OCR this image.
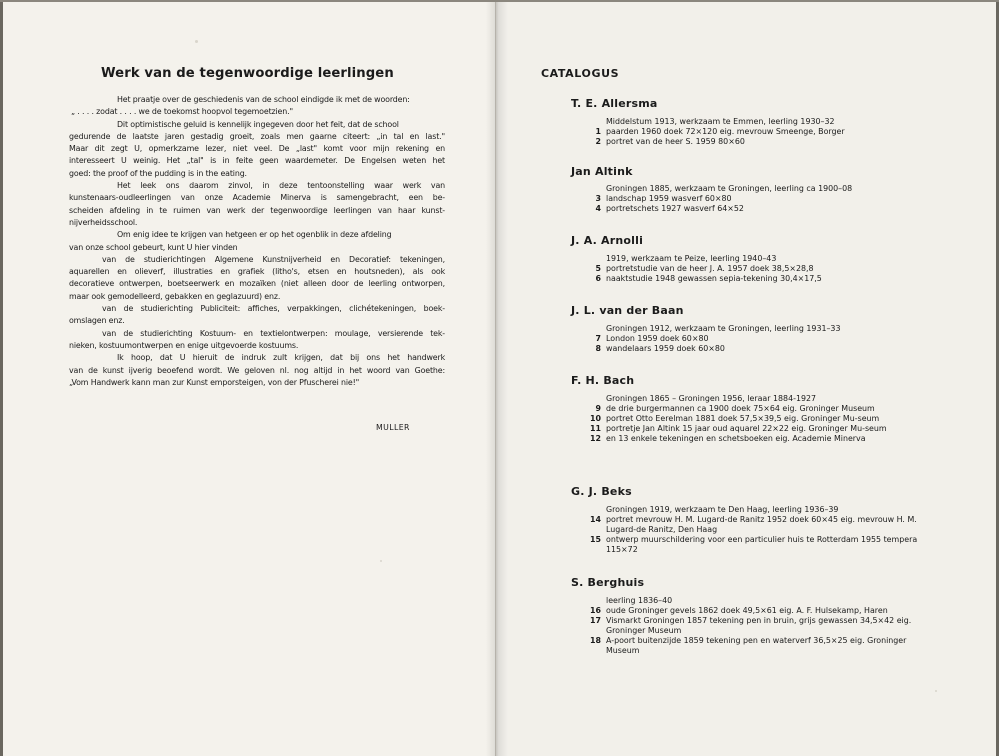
Werk van de tegenwoordige leerlingen
Het praatje over de geschiedenis van de school eindigde ik met de woorden:
„ . . . . zodat . . . . we de toekomst hoopvol tegemoetzien."
Dit optimistische geluid is kennelijk ingegeven door het feit, dat de school
gedurende de laatste jaren gestadig groeit, zoals men gaarne citeert: „in tal en last."
Maar dit zegt U, opmerkzame lezer, niet veel. De „last" komt voor mijn rekening en
interesseert U weinig. Het „tal" is in feite geen waardemeter. De Engelsen weten het
goed: the proof of the pudding is in the eating.
Het leek ons daarom zinvol, in deze tentoonstelling waar werk van
kunstenaars-oudleerlingen van onze Academie Minerva is samengebracht, een be-
scheiden afdeling in te ruimen van werk der tegenwoordige leerlingen van haar kunst-
nijverheidsschool.
Om enig idee te krijgen van hetgeen er op het ogenblik in deze afdeling
van onze school gebeurt, kunt U hier vinden
van de studierichtingen Algemene Kunstnijverheid en Decoratief: tekeningen,
aquarellen en olieverf, illustraties en grafiek (litho's, etsen en houtsneden), als ook
decoratieve ontwerpen, boetseerwerk en mozaïken (niet alleen door de leerling ontworpen,
maar ook gemodelleerd, gebakken en geglazuurd) enz.
van de studierichting Publiciteit: affiches, verpakkingen, clichétekeningen, boek-
omslagen enz.
van de studierichting Kostuum- en textielontwerpen: moulage, versierende tek-
nieken, kostuumontwerpen en enige uitgevoerde kostuums.
Ik hoop, dat U hieruit de indruk zult krijgen, dat bij ons het handwerk
van de kunst ijverig beoefend wordt. We geloven nl. nog altijd in het woord van Goethe:
„Vom Handwerk kann man zur Kunst emporsteigen, von der Pfuscherei nie!"
MULLER
CATALOGUS
T. E. Allersma
Middelstum 1913, werkzaam te Emmen, leerling 1930–32
1 paarden 1960 doek 72×120 eig. mevrouw Smeenge, Borger
2 portret van de heer S. 1959 80×60
Jan Altink
Groningen 1885, werkzaam te Groningen, leerling ca 1900–08
3 landschap 1959 wasverf 60×80
4 portretschets 1927 wasverf 64×52
J. A. Arnolli
1919, werkzaam te Peize, leerling 1940–43
5 portretstudie van de heer J. A. 1957 doek 38,5×28,8
6 naaktstudie 1948 gewassen sepia-tekening 30,4×17,5
J. L. van der Baan
Groningen 1912, werkzaam te Groningen, leerling 1931–33
7 London 1959 doek 60×80
8 wandelaars 1959 doek 60×80
F. H. Bach
Groningen 1865 – Groningen 1956, leraar 1884-1927
9 de drie burgermannen ca 1900 doek 75×64 eig. Groninger Museum
10 portret Otto Eerelman 1881 doek 57,5×39,5 eig. Groninger Mu-seum
11 portretje Jan Altink 15 jaar oud aquarel 22×22 eig. Groninger Mu-seum
12 en 13 enkele tekeningen en schetsboeken eig. Academie Minerva
G. J. Beks
Groningen 1919, werkzaam te Den Haag, leerling 1936–39
14 portret mevrouw H. M. Lugard-de Ranitz 1952 doek 60×45 eig. mevrouw H. M. Lugard-de Ranitz, Den Haag
15 ontwerp muurschildering voor een particulier huis te Rotterdam 1955 tempera 115×72
S. Berghuis
leerling 1836–40
16 oude Groninger gevels 1862 doek 49,5×61 eig. A. F. Hulsekamp, Haren
17 Vismarkt Groningen 1857 tekening pen in bruin, grijs gewassen 34,5×42 eig. Groninger Museum
18 A-poort buitenzijde 1859 tekening pen en waterverf 36,5×25 eig. Groninger Museum
